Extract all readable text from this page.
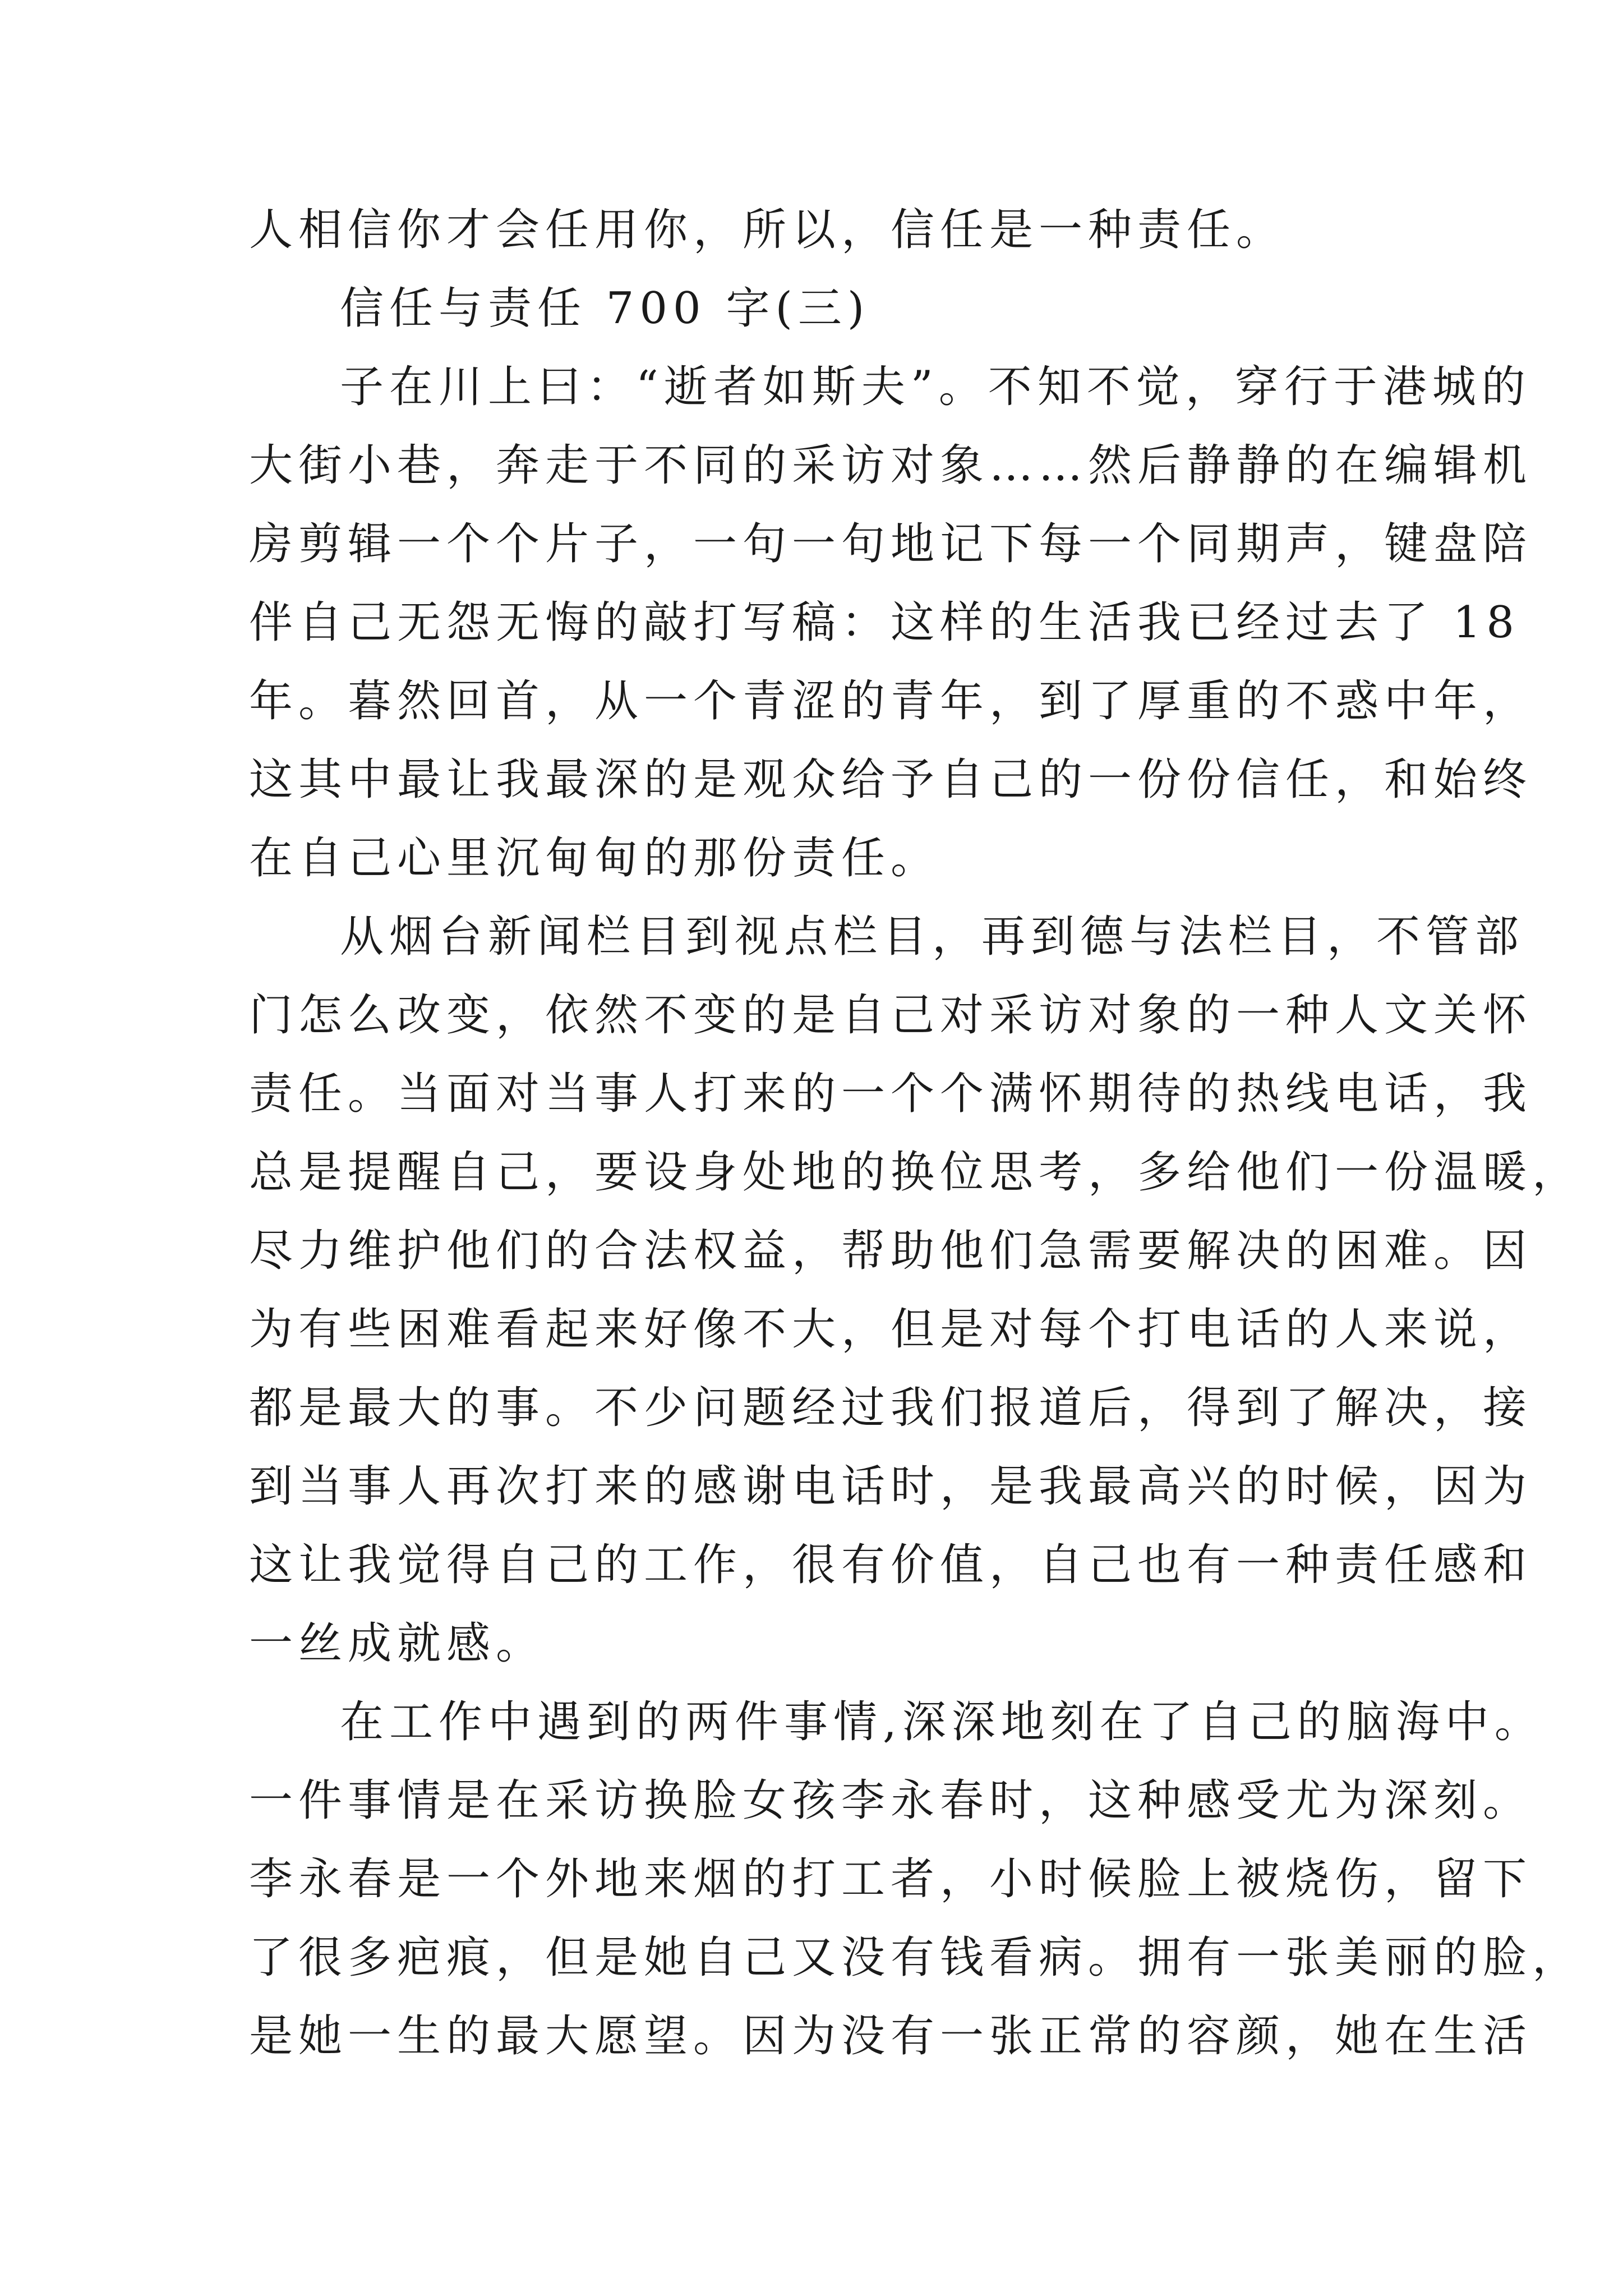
人相信你才会任用你，所以，信任是一种责任。
信任与责任 700 字(三)
子在川上曰：“逝者如斯夫”。不知不觉，穿行于港城的
大街小巷，奔走于不同的采访对象……然后静静的在编辑机
房剪辑一个个片子，一句一句地记下每一个同期声，键盘陪
伴自己无怨无悔的敲打写稿：这样的生活我已经过去了 18
年。暮然回首，从一个青涩的青年，到了厚重的不惑中年，
这其中最让我最深的是观众给予自己的一份份信任，和始终
在自己心里沉甸甸的那份责任。
从烟台新闻栏目到视点栏目，再到德与法栏目，不管部
门怎么改变，依然不变的是自己对采访对象的一种人文关怀
责任。当面对当事人打来的一个个满怀期待的热线电话，我
总是提醒自己，要设身处地的换位思考，多给他们一份温暖，
尽力维护他们的合法权益，帮助他们急需要解决的困难。因
为有些困难看起来好像不大，但是对每个打电话的人来说，
都是最大的事。不少问题经过我们报道后，得到了解决，接
到当事人再次打来的感谢电话时，是我最高兴的时候，因为
这让我觉得自己的工作，很有价值，自己也有一种责任感和
一丝成就感。
在工作中遇到的两件事情,深深地刻在了自己的脑海中。
一件事情是在采访换脸女孩李永春时，这种感受尤为深刻。
李永春是一个外地来烟的打工者，小时候脸上被烧伤，留下
了很多疤痕，但是她自己又没有钱看病。拥有一张美丽的脸，
是她一生的最大愿望。因为没有一张正常的容颜，她在生活
